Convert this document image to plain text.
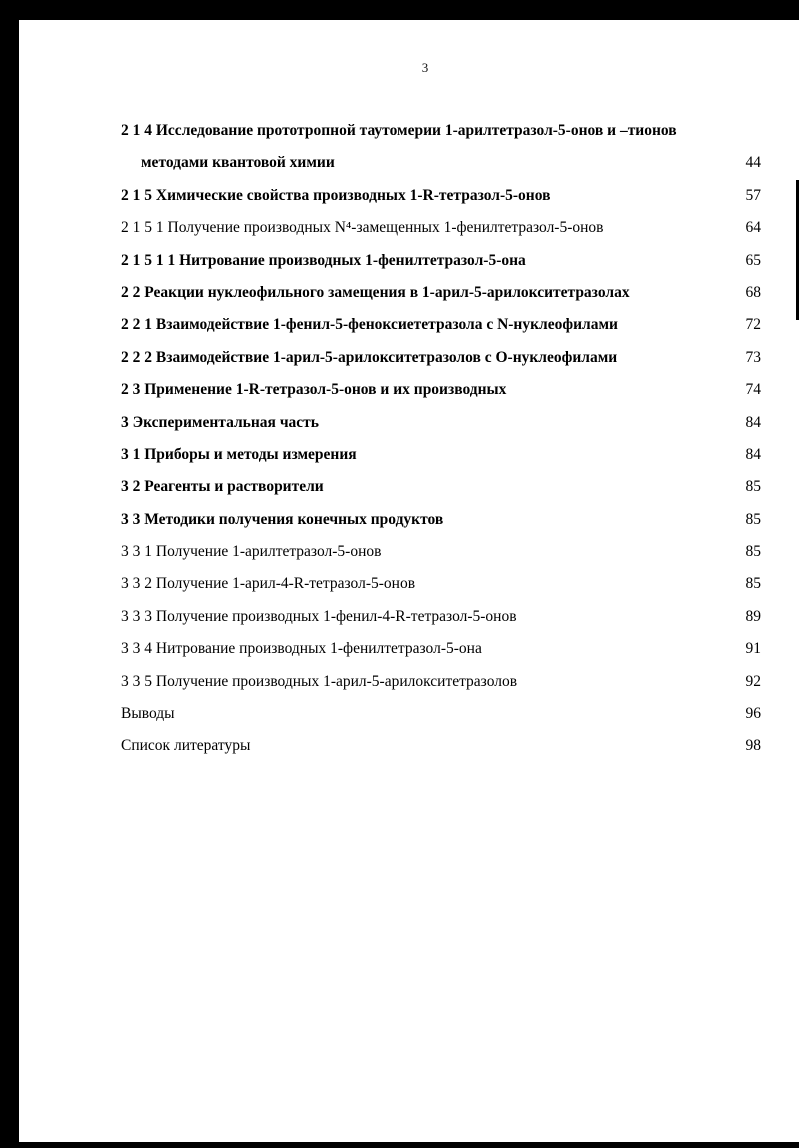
3
2 1 4 Исследование прототропной таутомерии 1-арилтетразол-5-онов и –тионов
методами квантовой химии	44
2 1 5 Химические свойства производных 1-R-тетразол-5-онов	57
2 1 5 1 Получение производных N⁴-замещенных 1-фенилтетразол-5-онов	64
2 1 5 1 1 Нитрование производных 1-фенилтетразол-5-она	65
2 2 Реакции нуклеофильного замещения в 1-арил-5-арилокситетразолах	68
2 2 1 Взаимодействие 1-фенил-5-феноксиететразола с N-нуклеофилами	72
2 2 2 Взаимодействие 1-арил-5-арилокситетразолов с О-нуклеофилами	73
2 3 Применение 1-R-тетразол-5-онов и их производных	74
3 Экспериментальная часть	84
3 1 Приборы и методы измерения	84
3 2 Реагенты и растворители	85
3 3 Методики получения конечных продуктов	85
3 3 1 Получение 1-арилтетразол-5-онов	85
3 3 2 Получение 1-арил-4-R-тетразол-5-онов	85
3 3 3 Получение производных 1-фенил-4-R-тетразол-5-онов	89
3 3 4 Нитрование производных 1-фенилтетразол-5-она	91
3 3 5 Получение производных 1-арил-5-арилокситетразолов	92
Выводы	96
Список литературы	98
